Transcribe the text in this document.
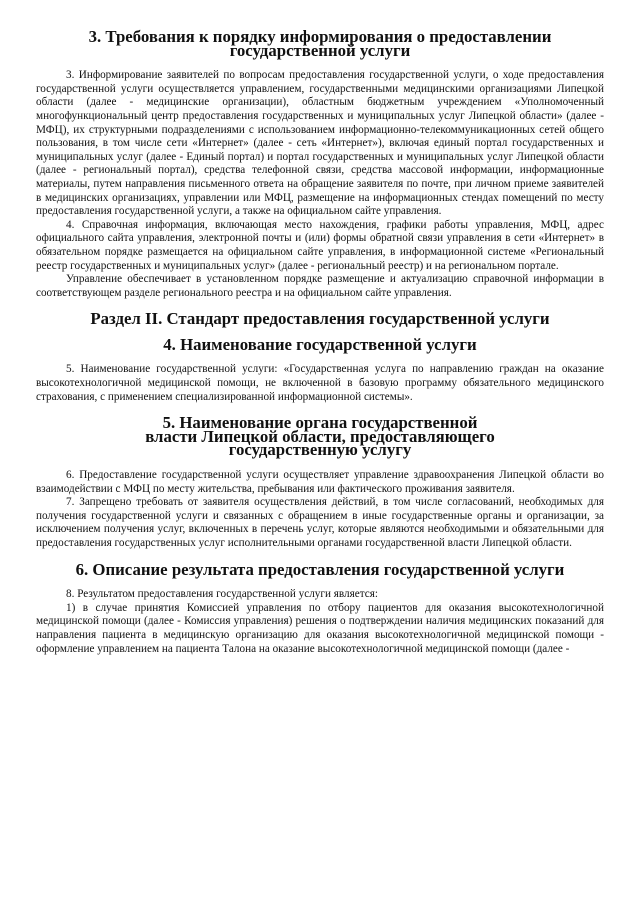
3. Требования к порядку информирования о предоставлении
государственной услуги

3. Информирование заявителей по вопросам предоставления государственной услуги, о ходе предоставления государственной услуги осуществляется управлением, государственными медицинскими организациями Липецкой области (далее - медицинские организации), областным бюджетным учреждением «Уполномоченный многофункциональный центр предоставления государственных и муниципальных услуг Липецкой области» (далее - МФЦ), их структурными подразделениями с использованием информационно-телекоммуникационных сетей общего пользования, в том числе сети «Интернет» (далее - сеть «Интернет»), включая единый портал государственных и муниципальных услуг (далее - Единый портал) и портал государственных и муниципальных услуг Липецкой области (далее - региональный портал), средства телефонной связи, средства массовой информации, информационные материалы, путем направления письменного ответа на обращение заявителя по почте, при личном приеме заявителей в медицинских организациях, управлении или МФЦ, размещение на информационных стендах помещений по месту предоставления государственной услуги, а также на официальном сайте управления.

4. Справочная информация, включающая место нахождения, графики работы управления, МФЦ, адрес официального сайта управления, электронной почты и (или) формы обратной связи управления в сети «Интернет» в обязательном порядке размещается на официальном сайте управления, в информационной системе «Региональный реестр государственных и муниципальных услуг» (далее - региональный реестр) и на региональном портале.

Управление обеспечивает в установленном порядке размещение и актуализацию справочной информации в соответствующем разделе регионального реестра и на официальном сайте управления.

Раздел II. Стандарт предоставления государственной услуги
4. Наименование государственной услуги

5. Наименование государственной услуги: «Государственная услуга по направлению граждан на оказание высокотехнологичной медицинской помощи, не включенной в базовую программу обязательного медицинского страхования, с применением специализированной информационной системы».

5. Наименование органа государственной
власти Липецкой области, предоставляющего
государственную услугу

6. Предоставление государственной услуги осуществляет управление здравоохранения Липецкой области во взаимодействии с МФЦ по месту жительства, пребывания или фактического проживания заявителя.

7. Запрещено требовать от заявителя осуществления действий, в том числе согласований, необходимых для получения государственной услуги и связанных с обращением в иные государственные органы и организации, за исключением получения услуг, включенных в перечень услуг, которые являются необходимыми и обязательными для предоставления государственных услуг исполнительными органами государственной власти Липецкой области.

6. Описание результата предоставления государственной услуги

8. Результатом предоставления государственной услуги является:

1) в случае принятия Комиссией управления по отбору пациентов для оказания высокотехнологичной медицинской помощи (далее - Комиссия управления) решения о подтверждении наличия медицинских показаний для направления пациента в медицинскую организацию для оказания высокотехнологичной медицинской помощи - оформление управлением на пациента Талона на оказание высокотехнологичной медицинской помощи (далее -
